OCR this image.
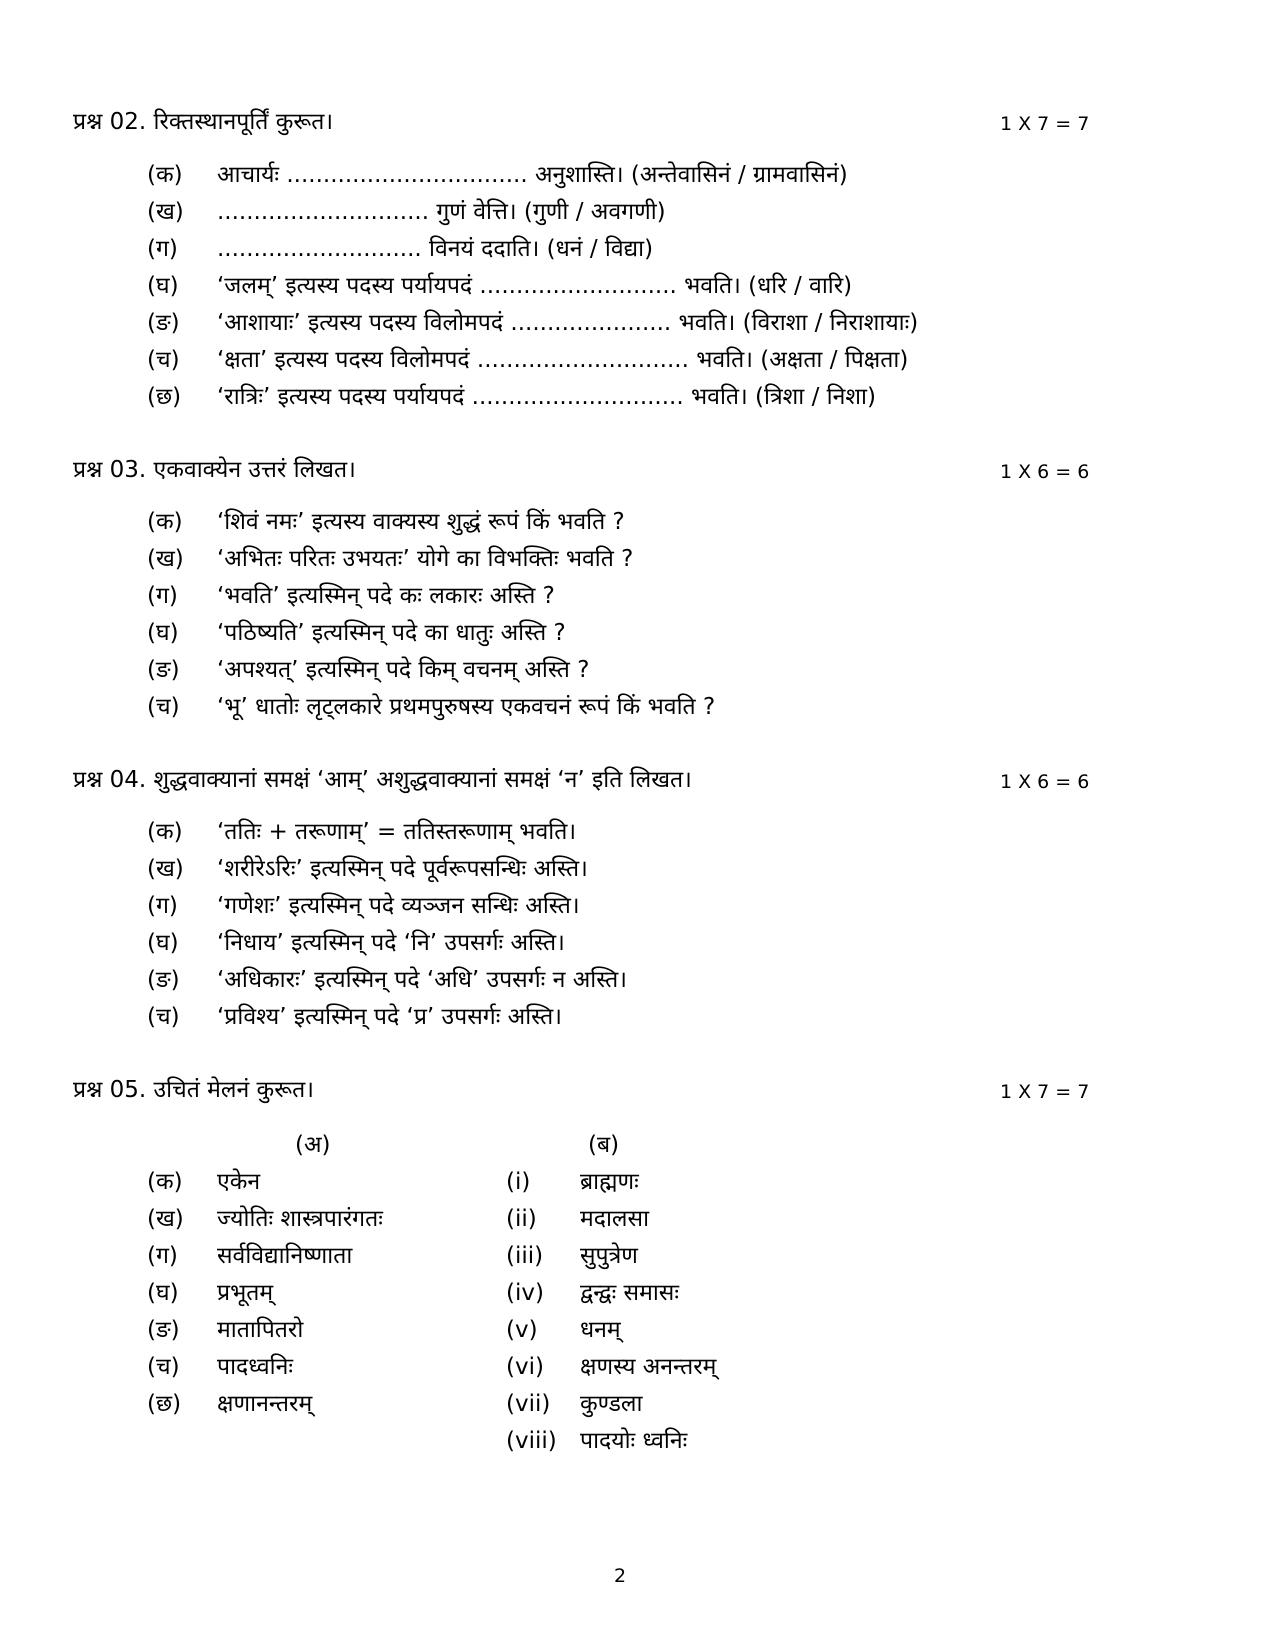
प्रश्न 02. रिक्तस्थानपूर्तिं कुरूत।	1 X 7 = 7
(क) आचार्यः ................................. अनुशास्ति। (अन्तेवासिनं / ग्रामवासिनं)
(ख) ............................. गुणं वेत्ति। (गुणी / अवगणी)
(ग) ............................ विनयं ददाति। (धनं / विद्या)
(घ) ‘जलम्’ इत्यस्य पदस्य पर्यायपदं ........................... भवति। (धरि / वारि)
(ङ) ‘आशायाः’ इत्यस्य पदस्य विलोमपदं ...................... भवति। (विराशा / निराशायाः)
(च) ‘क्षता’ इत्यस्य पदस्य विलोमपदं ............................. भवति। (अक्षता / पिक्षता)
(छ) ‘रात्रिः’ इत्यस्य पदस्य पर्यायपदं ............................. भवति। (त्रिशा / निशा)
प्रश्न 03. एकवाक्येन उत्तरं लिखत।	1 X 6 = 6
(क) ‘शिवं नमः’ इत्यस्य वाक्यस्य शुद्धं रूपं किं भवति ?
(ख) ‘अभितः परितः उभयतः’ योगे का विभक्तिः भवति ?
(ग) ‘भवति’ इत्यस्मिन् पदे कः लकारः अस्ति ?
(घ) ‘पठिष्यति’ इत्यस्मिन् पदे का धातुः अस्ति ?
(ङ) ‘अपश्यत्’ इत्यस्मिन् पदे किम् वचनम् अस्ति ?
(च) ‘भू’ धातोः लृट्लकारे प्रथमपुरुषस्य एकवचनं रूपं किं भवति ?
प्रश्न 04. शुद्धवाक्यानां समक्षं ‘आम्’ अशुद्धवाक्यानां समक्षं ‘न’ इति लिखत।	1 X 6 = 6
(क) ‘ततिः + तरूणाम्’ = ततिस्तरूणाम् भवति।
(ख) ‘शरीरेऽरिः’ इत्यस्मिन् पदे पूर्वरूपसन्धिः अस्ति।
(ग) ‘गणेशः’ इत्यस्मिन् पदे व्यञ्जन सन्धिः अस्ति।
(घ) ‘निधाय’ इत्यस्मिन् पदे ‘नि’ उपसर्गः अस्ति।
(ङ) ‘अधिकारः’ इत्यस्मिन् पदे ‘अधि’ उपसर्गः न अस्ति।
(च) ‘प्रविश्य’ इत्यस्मिन् पदे ‘प्र’ उपसर्गः अस्ति।
प्रश्न 05. उचितं मेलनं कुरूत।	1 X 7 = 7
(अ)	(ब)
(क) एकेन	(i) ब्राह्मणः
(ख) ज्योतिः शास्त्रपारंगतः	(ii) मदालसा
(ग) सर्वविद्यानिष्णाता	(iii) सुपुत्रेण
(घ) प्रभूतम्	(iv) द्वन्द्वः समासः
(ङ) मातापितरो	(v) धनम्
(च) पादध्वनिः	(vi) क्षणस्य अनन्तरम्
(छ) क्षणानन्तरम्	(vii) कुण्डला
(viii) पादयोः ध्वनिः
2
